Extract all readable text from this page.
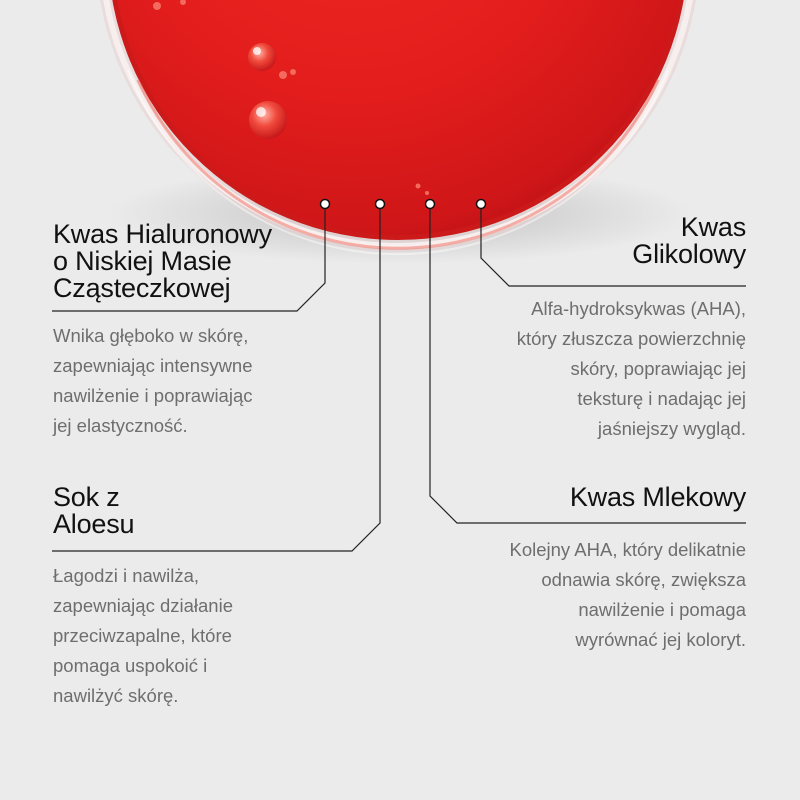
Kwas Hialuronowy
o Niskiej Masie
Cząsteczkowej

Wnika głęboko w skórę,
zapewniając intensywne
nawilżenie i poprawiając
jej elastyczność.

Kwas
Glikolowy

Alfa-hydroksykwas (AHA),
który złuszcza powierzchnię
skóry, poprawiając jej
teksturę i nadając jej
jaśniejszy wygląd.

Sok z
Aloesu

Łagodzi i nawilża,
zapewniając działanie
przeciwzapalne, które
pomaga uspokoić i
nawilżyć skórę.

Kwas Mlekowy

Kolejny AHA, który delikatnie
odnawia skórę, zwiększa
nawilżenie i pomaga
wyrównać jej koloryt.
